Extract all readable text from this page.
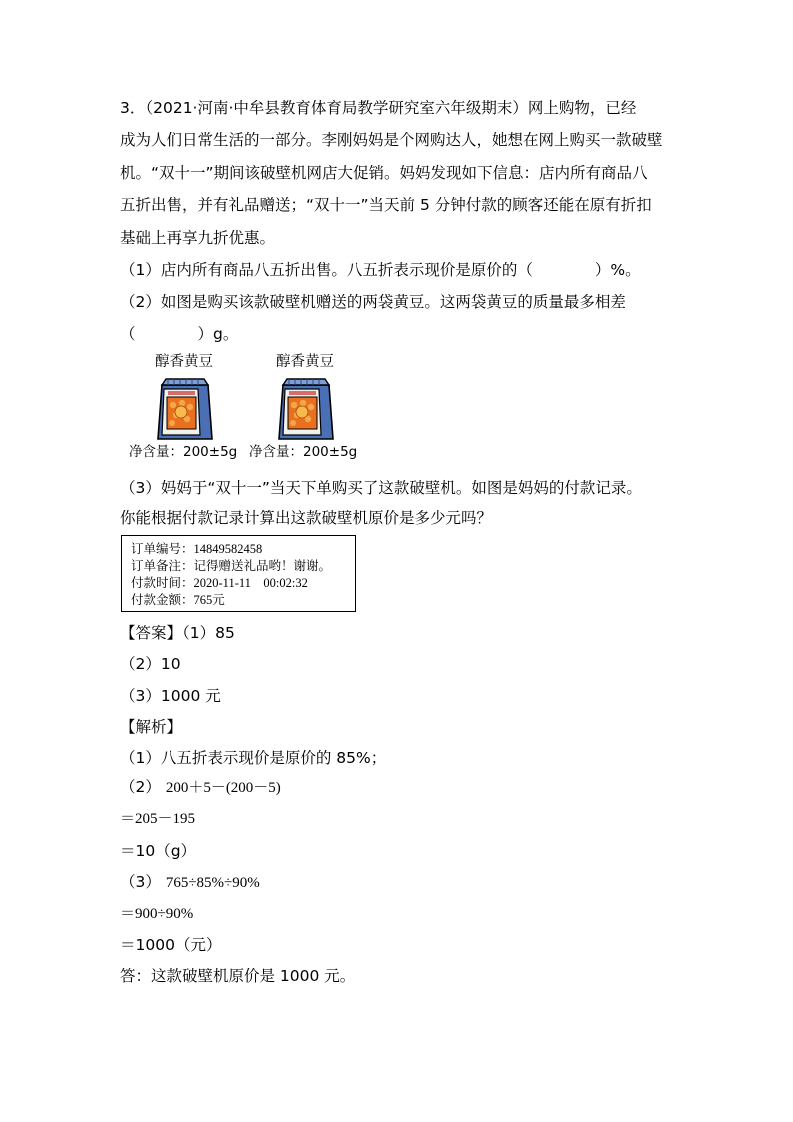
3．（2021·河南·中牟县教育体育局教学研究室六年级期末）网上购物，已经
成为人们日常生活的一部分。李刚妈妈是个网购达人，她想在网上购买一款破壁
机。“双十一”期间该破壁机网店大促销。妈妈发现如下信息：店内所有商品八
五折出售，并有礼品赠送；“双十一”当天前 5 分钟付款的顾客还能在原有折扣
基础上再享九折优惠。
（1）店内所有商品八五折出售。八五折表示现价是原价的（　　　　）%。
（2）如图是购买该款破壁机赠送的两袋黄豆。这两袋黄豆的质量最多相差
（　　　　）g。
醇香黄豆
净含量：200±5g
醇香黄豆
净含量：200±5g
（3）妈妈于“双十一”当天下单购买了这款破壁机。如图是妈妈的付款记录。
你能根据付款记录计算出这款破壁机原价是多少元吗？
订单编号：14849582458
订单备注：记得赠送礼品哟！谢谢。
付款时间：2020-11-11　00:02:32
付款金额：765元
【答案】（1）85
（2）10
（3）1000 元
【解析】
（1）八五折表示现价是原价的 85%；
（2） 200＋5－(200－5)
＝205－195
＝10（g）
（3） 765÷85%÷90%
＝900÷90%
＝1000（元）
答：这款破壁机原价是 1000 元。
